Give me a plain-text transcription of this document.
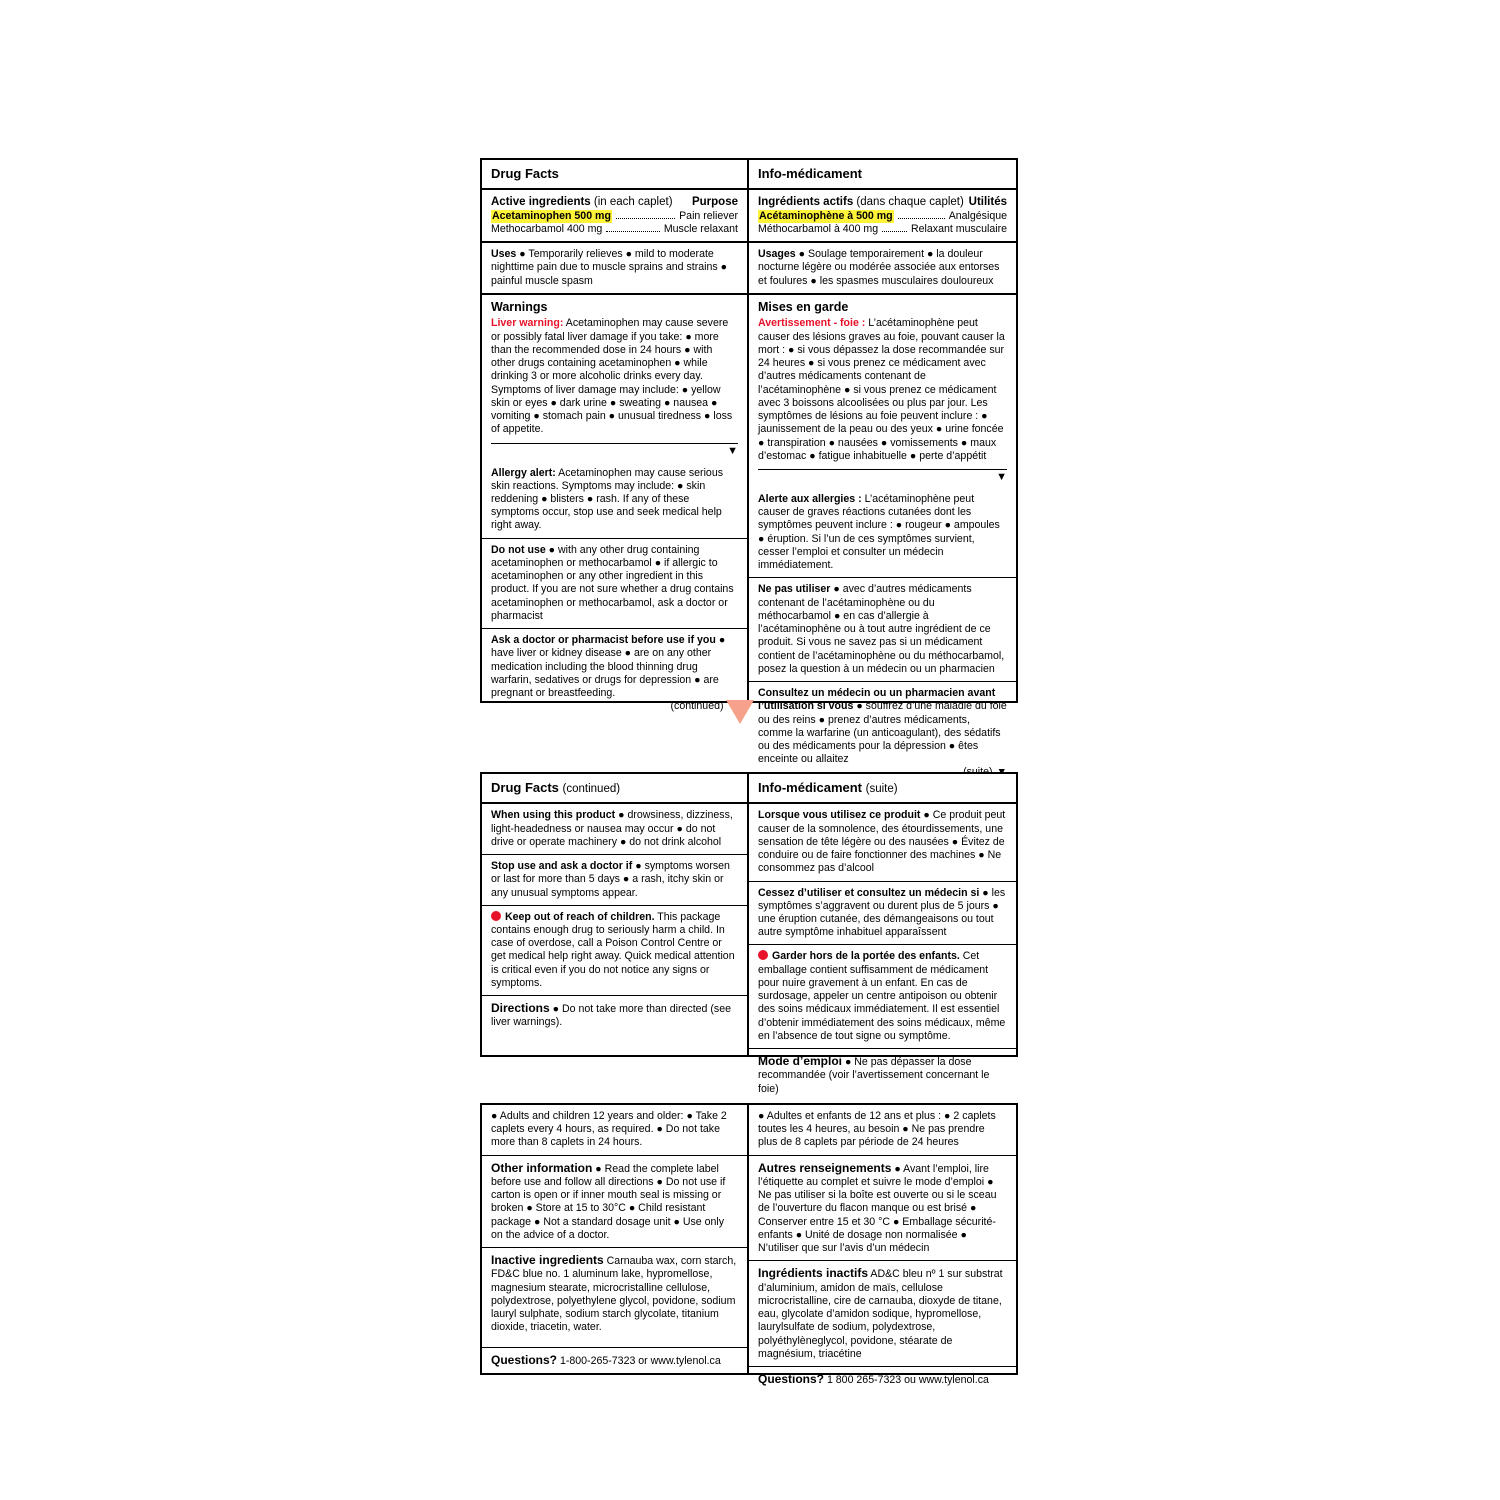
Drug Facts
Active ingredients (in each caplet) Purpose
Acetaminophen 500 mg	Pain reliever
Methocarbamol 400 mg	Muscle relaxant
Uses ● Temporarily relieves ● mild to moderate nighttime pain due to muscle sprains and strains ● painful muscle spasm
Warnings
Liver warning: Acetaminophen may cause severe or possibly fatal liver damage if you take: ● more than the recommended dose in 24 hours ● with other drugs containing acetaminophen ● while drinking 3 or more alcoholic drinks every day. Symptoms of liver damage may include: ● yellow skin or eyes ● dark urine ● sweating ● nausea ● vomiting ● stomach pain ● unusual tiredness ● loss of appetite.
▼
Allergy alert: Acetaminophen may cause serious skin reactions. Symptoms may include: ● skin reddening ● blisters ● rash. If any of these symptoms occur, stop use and seek medical help right away.
Do not use ● with any other drug containing acetaminophen or methocarbamol ● if allergic to acetaminophen or any other ingredient in this product. If you are not sure whether a drug contains acetaminophen or methocarbamol, ask a doctor or pharmacist
Ask a doctor or pharmacist before use if you ● have liver or kidney disease ● are on any other medication including the blood thinning drug warfarin, sedatives or drugs for depression ● are pregnant or breastfeeding.
(continued) ▼
Info-médicament
Ingrédients actifs (dans chaque caplet) Utilités
Acétaminophène à 500 mg	Analgésique
Méthocarbamol à 400 mg	Relaxant musculaire
Usages ● Soulage temporairement ● la douleur nocturne légère ou modérée associée aux entorses et foulures ● les spasmes musculaires douloureux
Mises en garde
Avertissement - foie : L’acétaminophène peut causer des lésions graves au foie, pouvant causer la mort : ● si vous dépassez la dose recommandée sur 24 heures ● si vous prenez ce médicament avec d’autres médicaments contenant de l’acétaminophène ● si vous prenez ce médicament avec 3 boissons alcoolisées ou plus par jour. Les symptômes de lésions au foie peuvent inclure : ● jaunissement de la peau ou des yeux ● urine foncée ● transpiration ● nausées ● vomissements ● maux d’estomac ● fatigue inhabituelle ● perte d’appétit
▼
Alerte aux allergies : L’acétaminophène peut causer de graves réactions cutanées dont les symptômes peuvent inclure : ● rougeur ● ampoules ● éruption. Si l’un de ces symptômes survient, cesser l’emploi et consulter un médecin immédiatement.
Ne pas utiliser ● avec d’autres médicaments contenant de l’acétaminophène ou du méthocarbamol ● en cas d’allergie à l’acétaminophène ou à tout autre ingrédient de ce produit. Si vous ne savez pas si un médicament contient de l’acétaminophène ou du méthocarbamol, posez la question à un médecin ou un pharmacien
Consultez un médecin ou un pharmacien avant l’utilisation si vous ● souffrez d’une maladie du foie ou des reins ● prenez d’autres médicaments, comme la warfarine (un anticoagulant), des sédatifs ou des médicaments pour la dépression ● êtes enceinte ou allaitez
Drug Facts (continued)
When using this product ● drowsiness, dizziness, light-headedness or nausea may occur ● do not drive or operate machinery ● do not drink alcohol
Stop use and ask a doctor if ● symptoms worsen or last for more than 5 days ● a rash, itchy skin or any unusual symptoms appear.
Keep out of reach of children. This package contains enough drug to seriously harm a child. In case of overdose, call a Poison Control Centre or get medical help right away. Quick medical attention is critical even if you do not notice any signs or symptoms.
Directions ● Do not take more than directed (see liver warnings).
Info-médicament (suite)
Lorsque vous utilisez ce produit ● Ce produit peut causer de la somnolence, des étourdissements, une sensation de tête légère ou des nausées ● Évitez de conduire ou de faire fonctionner des machines ● Ne consommez pas d’alcool
Cessez d’utiliser et consultez un médecin si ● les symptômes s’aggravent ou durent plus de 5 jours ● une éruption cutanée, des démangeaisons ou tout autre symptôme inhabituel apparaîssent
Garder hors de la portée des enfants. Cet emballage contient suffisamment de médicament pour nuire gravement à un enfant. En cas de surdosage, appeler un centre antipoison ou obtenir des soins médicaux immédiatement. Il est essentiel d’obtenir immédiatement des soins médicaux, même en l’absence de tout signe ou symptôme.
Mode d’emploi ● Ne pas dépasser la dose recommandée (voir l’avertissement concernant le foie)
● Adults and children 12 years and older: ● Take 2 caplets every 4 hours, as required. ● Do not take more than 8 caplets in 24 hours.
Other information ● Read the complete label before use and follow all directions ● Do not use if carton is open or if inner mouth seal is missing or broken ● Store at 15 to 30°C ● Child resistant package ● Not a standard dosage unit ● Use only on the advice of a doctor.
Inactive ingredients Carnauba wax, corn starch, FD&C blue no. 1 aluminum lake, hypromellose, magnesium stearate, microcristalline cellulose, polydextrose, polyethylene glycol, povidone, sodium lauryl sulphate, sodium starch glycolate, titanium dioxide, triacetin, water.
Questions? 1-800-265-7323 or www.tylenol.ca
● Adultes et enfants de 12 ans et plus : ● 2 caplets toutes les 4 heures, au besoin ● Ne pas prendre plus de 8 caplets par période de 24 heures
Autres renseignements ● Avant l’emploi, lire l’étiquette au complet et suivre le mode d’emploi ● Ne pas utiliser si la boîte est ouverte ou si le sceau de l’ouverture du flacon manque ou est brisé ● Conserver entre 15 et 30 °C ● Emballage sécurité-enfants ● Unité de dosage non normalisée ● N’utiliser que sur l’avis d’un médecin
Ingrédients inactifs AD&C bleu nº 1 sur substrat d’aluminium, amidon de maïs, cellulose microcristalline, cire de carnauba, dioxyde de titane, eau, glycolate d’amidon sodique, hypromellose, laurylsulfate de sodium, polydextrose, polyéthylèneglycol, povidone, stéarate de magnésium, triacétine
Questions? 1 800 265-7323 ou www.tylenol.ca
